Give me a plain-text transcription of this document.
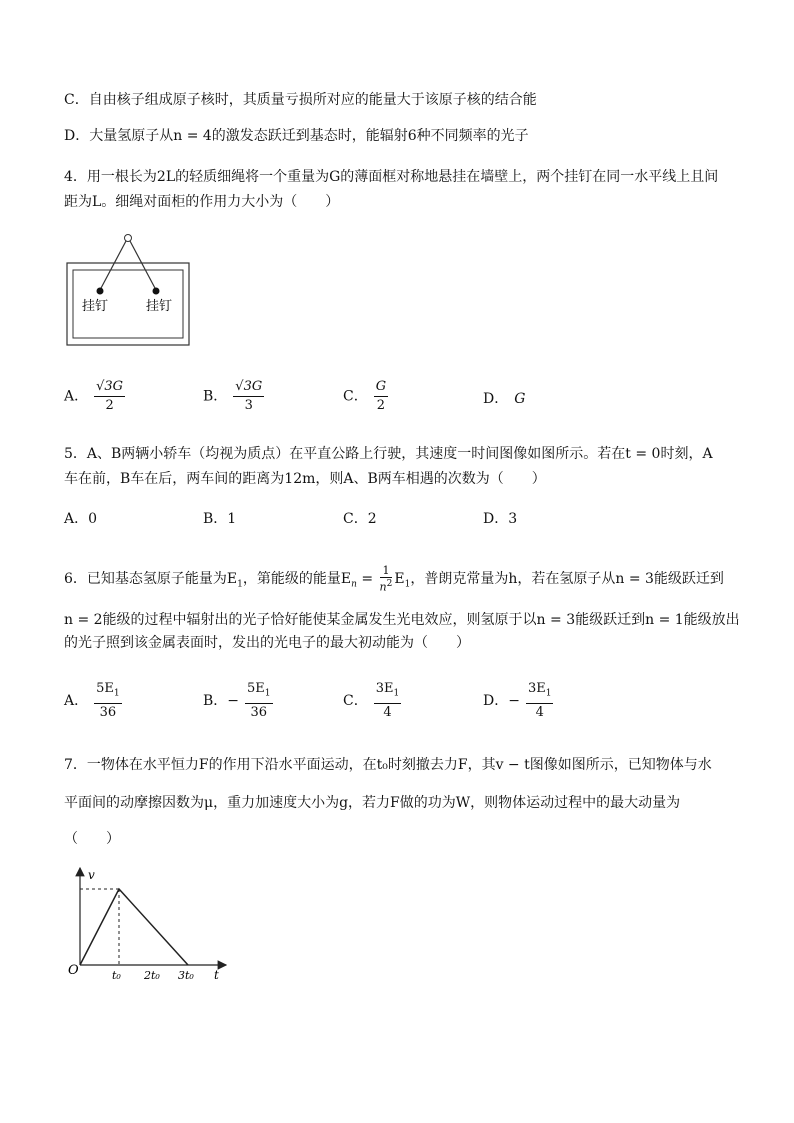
C．自由核子组成原子核时，其质量亏损所对应的能量大于该原子核的结合能
D．大量氢原子从n = 4的激发态跃迁到基态时，能辐射6种不同频率的光子
4．用一根长为2L的轻质细绳将一个重量为G的薄面框对称地悬挂在墙壁上，两个挂钉在同一水平线上且间
距为L。细绳对面柜的作用力大小为（　　）
挂钉	挂钉
A． $\frac{√3G}{2}$	B． $\frac{√3G}{3}$	C． $\frac{G}{2}$	D． G
5．A、B两辆小轿车（均视为质点）在平直公路上行驶，其速度一时间图像如图所示。若在t = 0时刻，A
车在前，B车在后，两车间的距离为12m，则A、B两车相遇的次数为（　　）
A．0	B．1	C．2	D．3
6．已知基态氢原子能量为$E_1$，第能级的能量$E_n = \frac{1}{n^2} E_1$，普朗克常量为h，若在氢原子从n = 3能级跃迁到
n = 2能级的过程中辐射出的光子恰好能使某金属发生光电效应，则氢原于以n = 3能级跃迁到n = 1能级放出
的光子照到该金属表面时，发出的光电子的最大初动能为（　　）
A． $\frac{5E_1}{36}$	B．− $\frac{5E_1}{36}$	C． $\frac{3E_1}{4}$	D．− $\frac{3E_1}{4}$
7．一物体在水平恒力F的作用下沿水平面运动，在t₀时刻撤去力F，其v − t图像如图所示，已知物体与水
平面间的动摩擦因数为μ，重力加速度大小为g，若力F做的功为W，则物体运动过程中的最大动量为
（　　）
v
O	t₀ 2t₀ 3t₀ t
